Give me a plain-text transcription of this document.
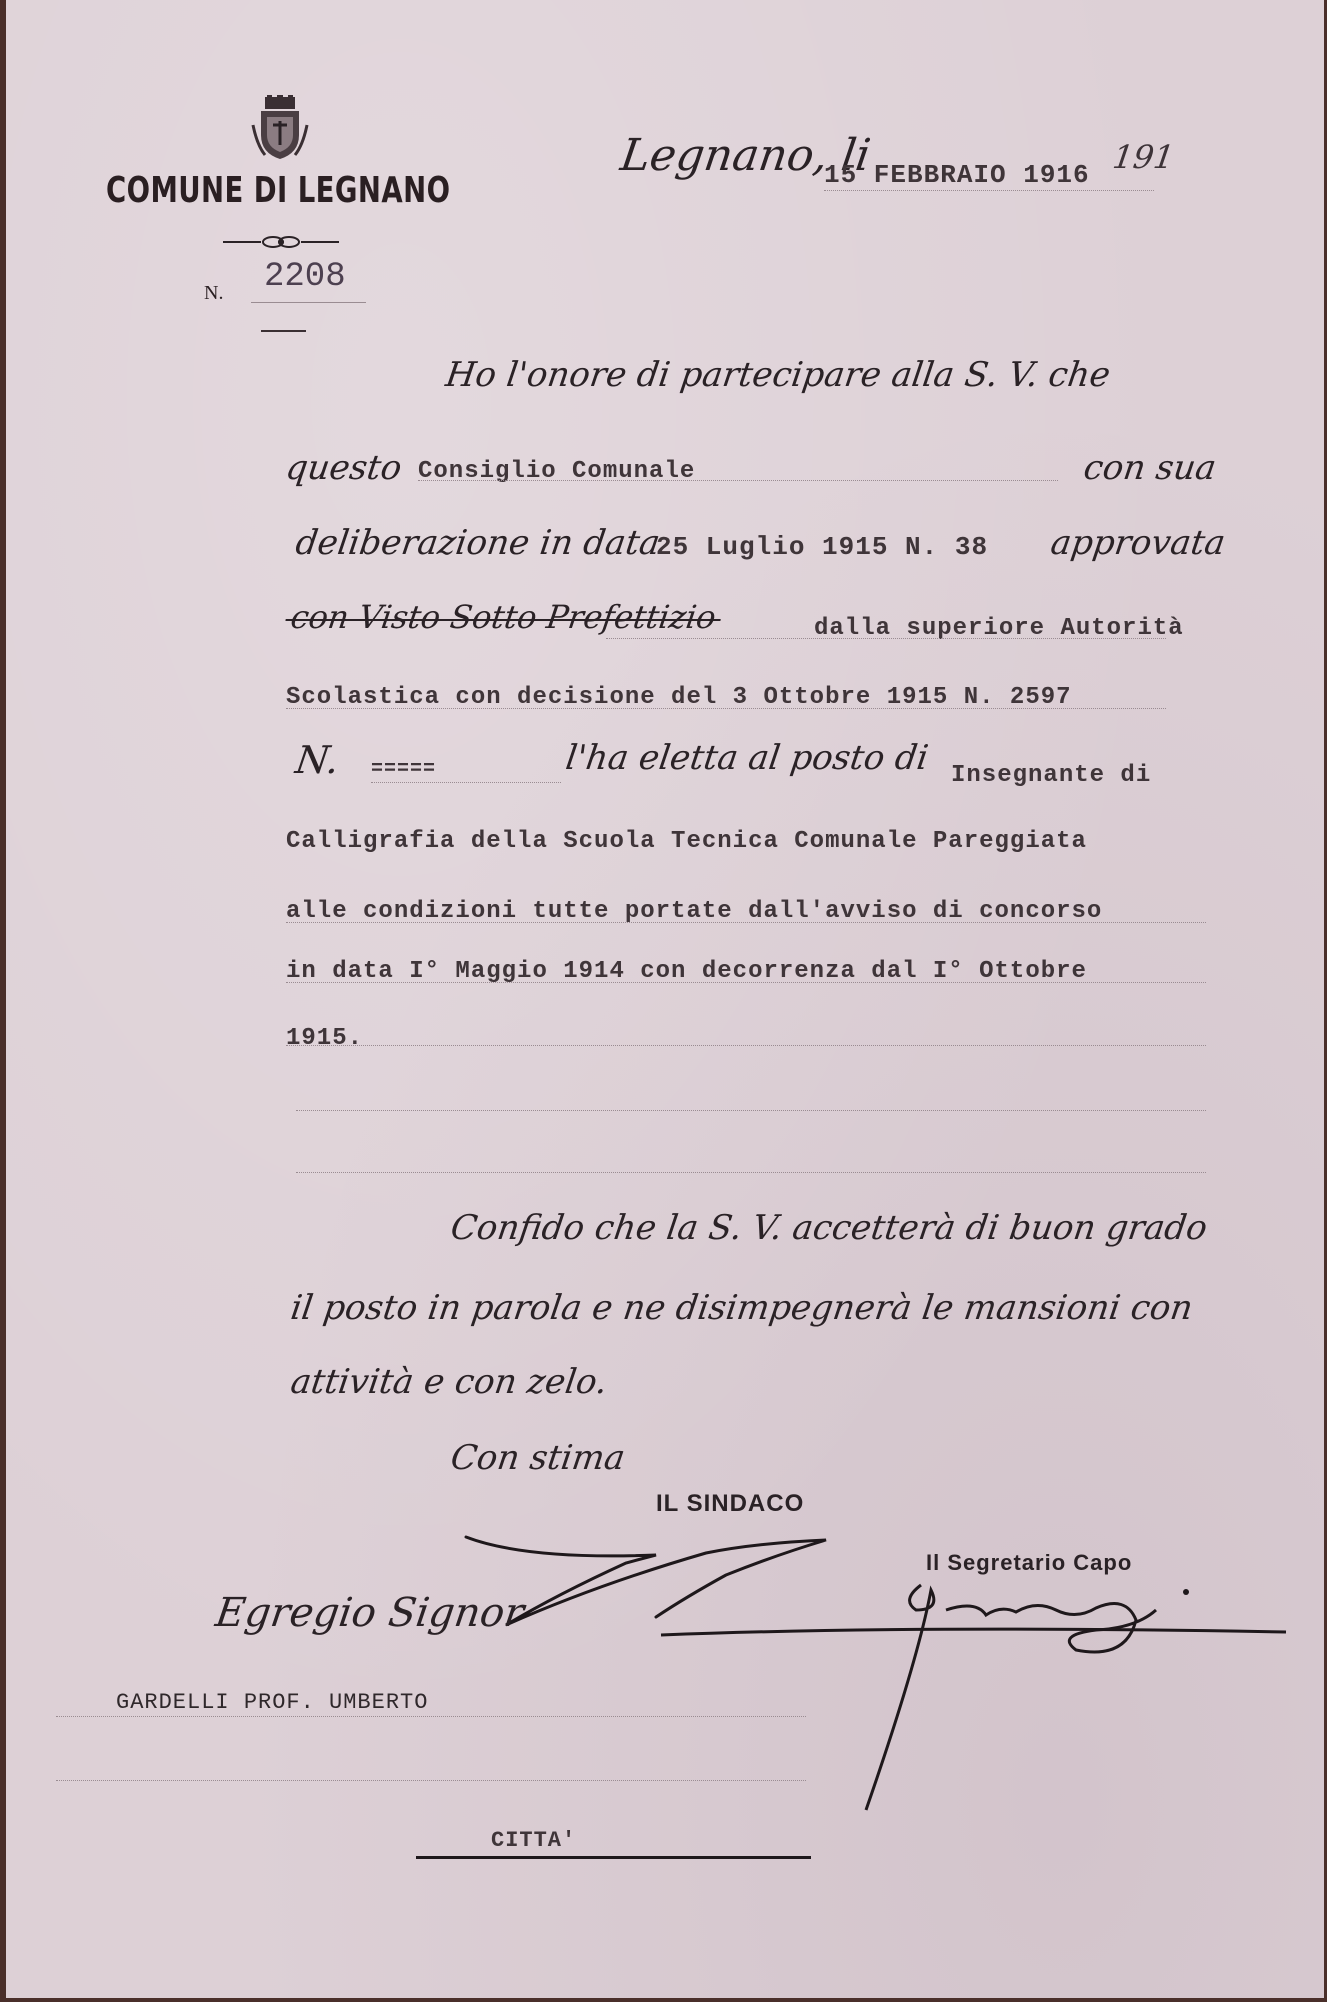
COMUNE DI LEGNANO
N. 2208
Legnano, li
15 FEBBRAIO 1916 191
Ho l'onore di partecipare alla S. V. che
questo Consiglio Comunale	con sua
deliberazione in data
25 Luglio 1915 N. 38 approvata
con Visto Sotto Prefettizio	dalla superiore Autorità
Scolastica con decisione del 3 Ottobre 1915 N. 2597
N. =====	l'ha eletta al posto di Insegnante di
Calligrafia della Scuola Tecnica Comunale Pareggiata
alle condizioni tutte portate dall'avviso di concorso
in data I° Maggio 1914 con decorrenza dal I° Ottobre
1915.
Confido che la S. V. accetterà di buon grado
il posto in parola e ne disimpegnerà le mansioni con
attività e con zelo.
Con stima
IL SINDACO
Il Segretario Capo
Egregio Signor
GARDELLI PROF. UMBERTO
CITTA'
